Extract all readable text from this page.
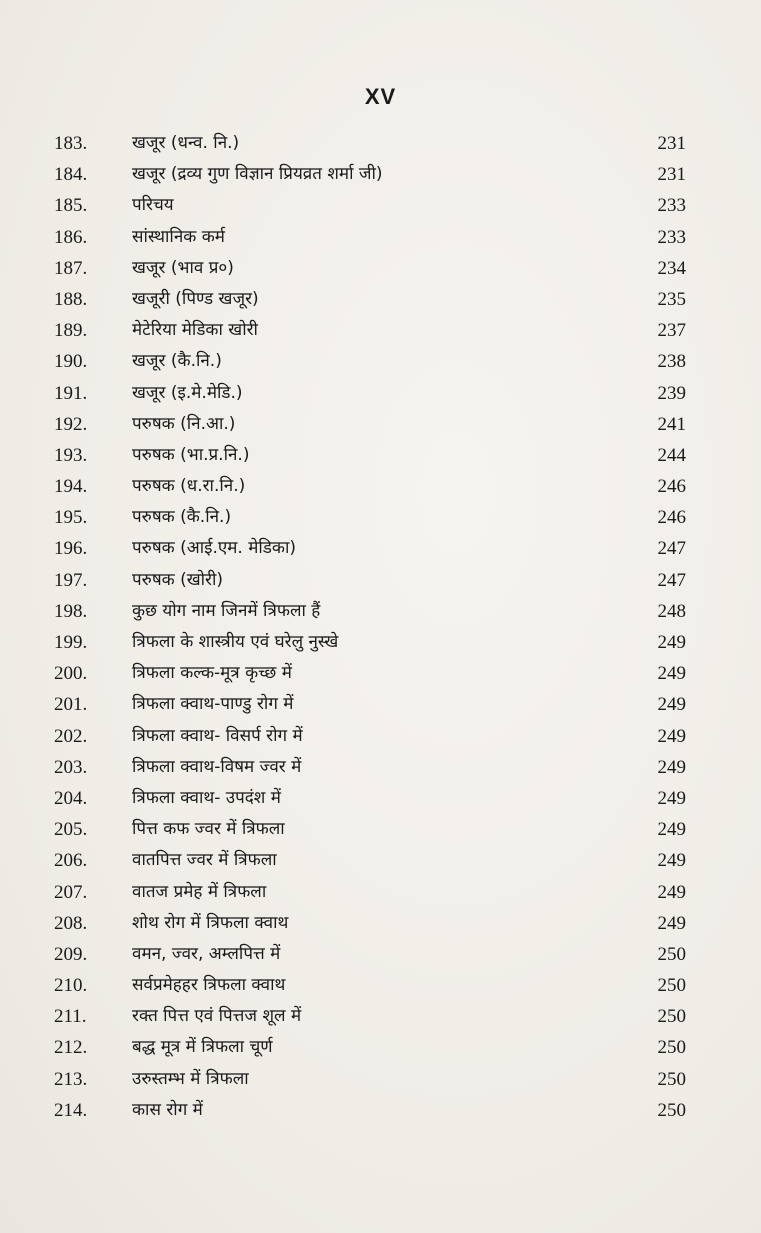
XV
183.	खजूर (धन्व. नि.)	231
184.	खजूर (द्रव्य गुण विज्ञान प्रियव्रत शर्मा जी)	231
185.	परिचय	233
186.	सांस्थानिक कर्म	233
187.	खजूर (भाव प्र०)	234
188.	खजूरी (पिण्ड खजूर)	235
189.	मेटेरिया मेडिका खोरी	237
190.	खजूर (कै.नि.)	238
191.	खजूर (इ.मे.मेडि.)	239
192.	परुषक (नि.आ.)	241
193.	परुषक (भा.प्र.नि.)	244
194.	परुषक (ध.रा.नि.)	246
195.	परुषक (कै.नि.)	246
196.	परुषक (आई.एम. मेडिका)	247
197.	परुषक (खोरी)	247
198.	कुछ योग नाम जिनमें त्रिफला हैं	248
199.	त्रिफला के शास्त्रीय एवं घरेलु नुस्खे	249
200.	त्रिफला कल्क-मूत्र कृच्छ में	249
201.	त्रिफला क्वाथ-पाण्डु रोग में	249
202.	त्रिफला क्वाथ- विसर्प रोग में	249
203.	त्रिफला क्वाथ-विषम ज्वर में	249
204.	त्रिफला क्वाथ- उपदंश में	249
205.	पित्त कफ ज्वर में त्रिफला	249
206.	वातपित्त ज्वर में त्रिफला	249
207.	वातज प्रमेह में त्रिफला	249
208.	शोथ रोग में त्रिफला क्वाथ	249
209.	वमन, ज्वर, अम्लपित्त में	250
210.	सर्वप्रमेहहर त्रिफला क्वाथ	250
211.	रक्त पित्त एवं पित्तज शूल में	250
212.	बद्ध मूत्र में त्रिफला चूर्ण	250
213.	उरुस्तम्भ में त्रिफला	250
214.	कास रोग में	250
